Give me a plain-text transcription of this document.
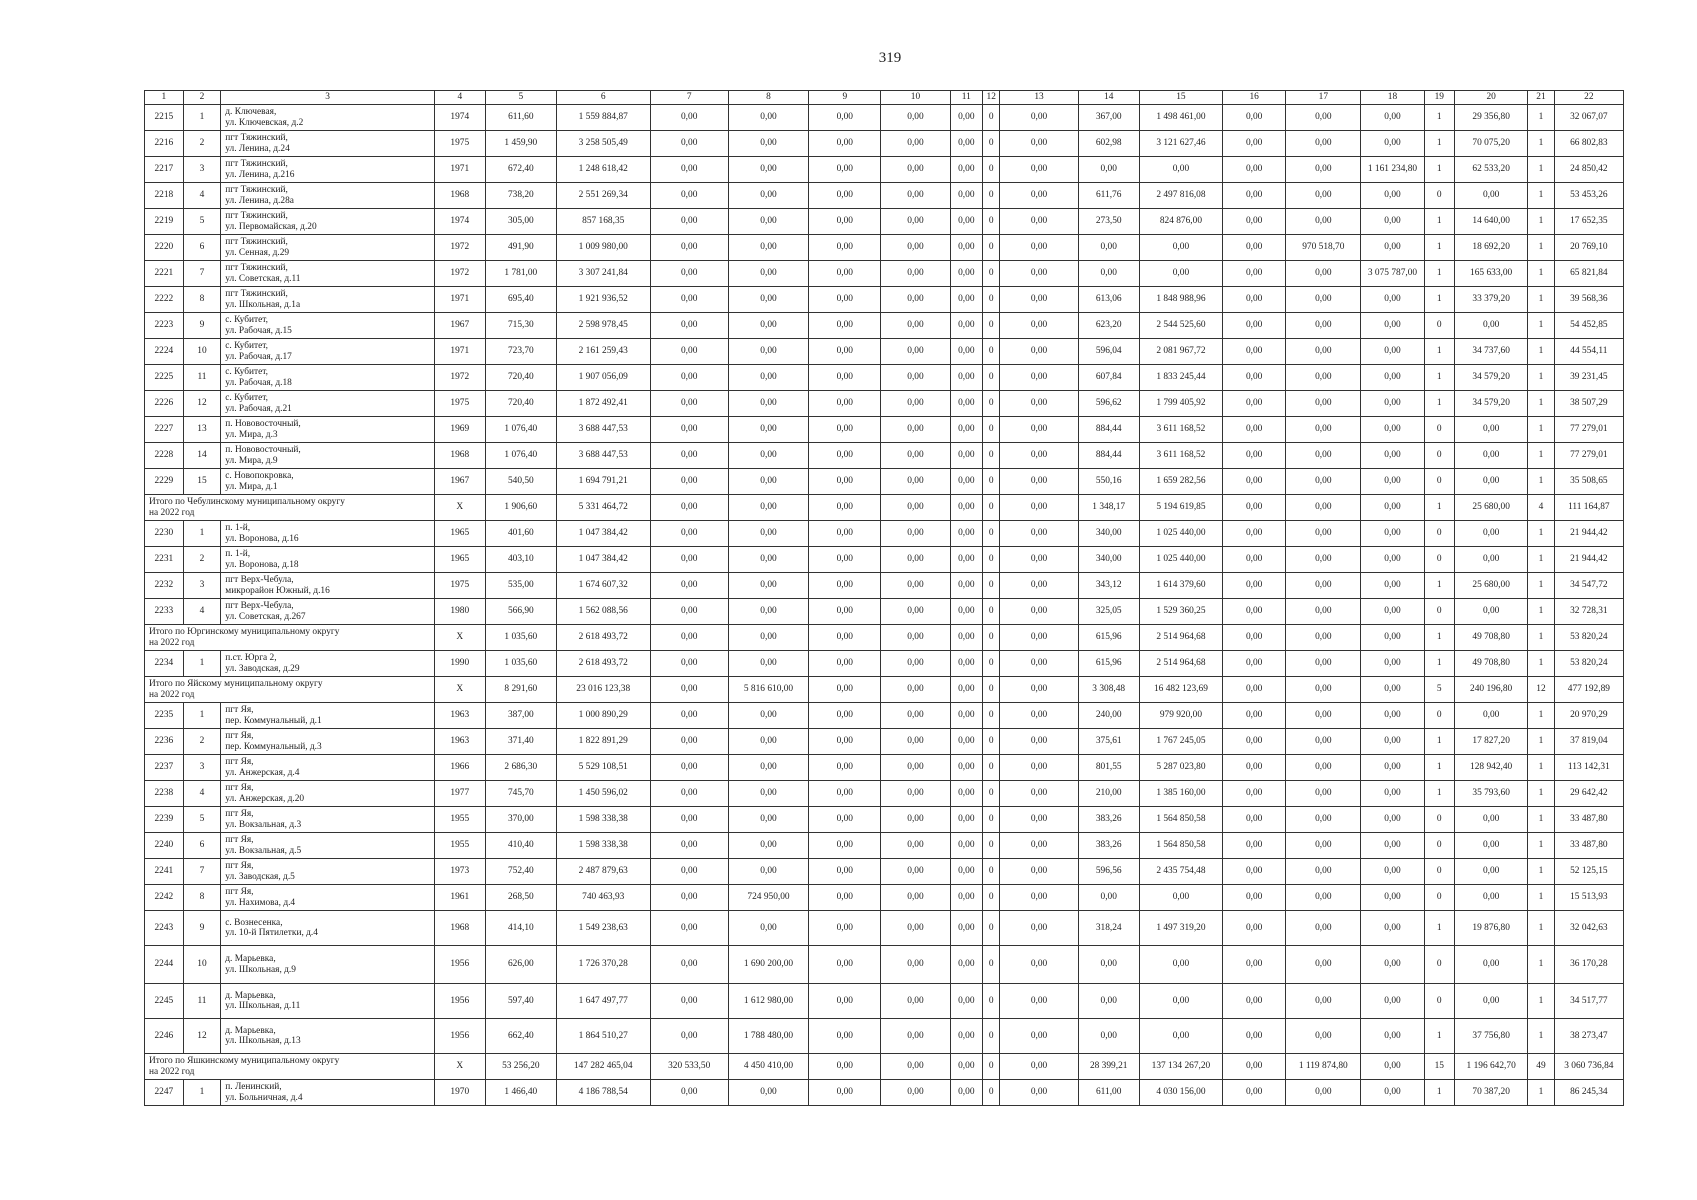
319
1	2	3	4	5	6	7	8	9	10	11	12	13	14	15	16	17	18	19	20	21	22
2215	1	д. Ключевая,
ул. Ключевская, д.2	1974	611,60	1 559 884,87	0,00	0,00	0,00	0,00	0,00	0	0,00	367,00	1 498 461,00	0,00	0,00	0,00	1	29 356,80	1	32 067,07
2216	2	пгт Тяжинский,
ул. Ленина, д.24	1975	1 459,90	3 258 505,49	0,00	0,00	0,00	0,00	0,00	0	0,00	602,98	3 121 627,46	0,00	0,00	0,00	1	70 075,20	1	66 802,83
2217	3	пгт Тяжинский,
ул. Ленина, д.216	1971	672,40	1 248 618,42	0,00	0,00	0,00	0,00	0,00	0	0,00	0,00	0,00	0,00	0,00	1 161 234,80	1	62 533,20	1	24 850,42
2218	4	пгт Тяжинский,
ул. Ленина, д.28а	1968	738,20	2 551 269,34	0,00	0,00	0,00	0,00	0,00	0	0,00	611,76	2 497 816,08	0,00	0,00	0,00	0	0,00	1	53 453,26
2219	5	пгт Тяжинский,
ул. Первомайская, д.20	1974	305,00	857 168,35	0,00	0,00	0,00	0,00	0,00	0	0,00	273,50	824 876,00	0,00	0,00	0,00	1	14 640,00	1	17 652,35
2220	6	пгт Тяжинский,
ул. Сенная, д.29	1972	491,90	1 009 980,00	0,00	0,00	0,00	0,00	0,00	0	0,00	0,00	0,00	0,00	970 518,70	0,00	1	18 692,20	1	20 769,10
2221	7	пгт Тяжинский,
ул. Советская, д.11	1972	1 781,00	3 307 241,84	0,00	0,00	0,00	0,00	0,00	0	0,00	0,00	0,00	0,00	0,00	3 075 787,00	1	165 633,00	1	65 821,84
2222	8	пгт Тяжинский,
ул. Школьная, д.1а	1971	695,40	1 921 936,52	0,00	0,00	0,00	0,00	0,00	0	0,00	613,06	1 848 988,96	0,00	0,00	0,00	1	33 379,20	1	39 568,36
2223	9	с. Кубитет,
ул. Рабочая, д.15	1967	715,30	2 598 978,45	0,00	0,00	0,00	0,00	0,00	0	0,00	623,20	2 544 525,60	0,00	0,00	0,00	0	0,00	1	54 452,85
2224	10	с. Кубитет,
ул. Рабочая, д.17	1971	723,70	2 161 259,43	0,00	0,00	0,00	0,00	0,00	0	0,00	596,04	2 081 967,72	0,00	0,00	0,00	1	34 737,60	1	44 554,11
2225	11	с. Кубитет,
ул. Рабочая, д.18	1972	720,40	1 907 056,09	0,00	0,00	0,00	0,00	0,00	0	0,00	607,84	1 833 245,44	0,00	0,00	0,00	1	34 579,20	1	39 231,45
2226	12	с. Кубитет,
ул. Рабочая, д.21	1975	720,40	1 872 492,41	0,00	0,00	0,00	0,00	0,00	0	0,00	596,62	1 799 405,92	0,00	0,00	0,00	1	34 579,20	1	38 507,29
2227	13	п. Нововосточный,
ул. Мира, д.3	1969	1 076,40	3 688 447,53	0,00	0,00	0,00	0,00	0,00	0	0,00	884,44	3 611 168,52	0,00	0,00	0,00	0	0,00	1	77 279,01
2228	14	п. Нововосточный,
ул. Мира, д.9	1968	1 076,40	3 688 447,53	0,00	0,00	0,00	0,00	0,00	0	0,00	884,44	3 611 168,52	0,00	0,00	0,00	0	0,00	1	77 279,01
2229	15	с. Новопокровка,
ул. Мира, д.1	1967	540,50	1 694 791,21	0,00	0,00	0,00	0,00	0,00	0	0,00	550,16	1 659 282,56	0,00	0,00	0,00	0	0,00	1	35 508,65

Итого по Чебулинскому муниципальному округу
на 2022 год			X	1 906,60	5 331 464,72	0,00	0,00	0,00	0,00	0,00	0	0,00	1 348,17	5 194 619,85	0,00	0,00	0,00	1	25 680,00	4	111 164,87
2230	1	п. 1-й,
ул. Воронова, д.16	1965	401,60	1 047 384,42	0,00	0,00	0,00	0,00	0,00	0	0,00	340,00	1 025 440,00	0,00	0,00	0,00	0	0,00	1	21 944,42
2231	2	п. 1-й,
ул. Воронова, д.18	1965	403,10	1 047 384,42	0,00	0,00	0,00	0,00	0,00	0	0,00	340,00	1 025 440,00	0,00	0,00	0,00	0	0,00	1	21 944,42
2232	3	пгт Верх-Чебула,
микрорайон Южный, д.16	1975	535,00	1 674 607,32	0,00	0,00	0,00	0,00	0,00	0	0,00	343,12	1 614 379,60	0,00	0,00	0,00	1	25 680,00	1	34 547,72
2233	4	пгт Верх-Чебула,
ул. Советская, д.267	1980	566,90	1 562 088,56	0,00	0,00	0,00	0,00	0,00	0	0,00	325,05	1 529 360,25	0,00	0,00	0,00	0	0,00	1	32 728,31

Итого по Юргинскому муниципальному округу
на 2022 год			X	1 035,60	2 618 493,72	0,00	0,00	0,00	0,00	0,00	0	0,00	615,96	2 514 964,68	0,00	0,00	0,00	1	49 708,80	1	53 820,24
2234	1	п.ст. Юрга 2,
ул. Заводская, д.29	1990	1 035,60	2 618 493,72	0,00	0,00	0,00	0,00	0,00	0	0,00	615,96	2 514 964,68	0,00	0,00	0,00	1	49 708,80	1	53 820,24

Итого по Яйскому муниципальному округу
на 2022 год			X	8 291,60	23 016 123,38	0,00	5 816 610,00	0,00	0,00	0,00	0	0,00	3 308,48	16 482 123,69	0,00	0,00	0,00	5	240 196,80	12	477 192,89
2235	1	пгт Яя,
пер. Коммунальный, д.1	1963	387,00	1 000 890,29	0,00	0,00	0,00	0,00	0,00	0	0,00	240,00	979 920,00	0,00	0,00	0,00	0	0,00	1	20 970,29
2236	2	пгт Яя,
пер. Коммунальный, д.3	1963	371,40	1 822 891,29	0,00	0,00	0,00	0,00	0,00	0	0,00	375,61	1 767 245,05	0,00	0,00	0,00	1	17 827,20	1	37 819,04
2237	3	пгт Яя,
ул. Анжерская, д.4	1966	2 686,30	5 529 108,51	0,00	0,00	0,00	0,00	0,00	0	0,00	801,55	5 287 023,80	0,00	0,00	0,00	1	128 942,40	1	113 142,31
2238	4	пгт Яя,
ул. Анжерская, д.20	1977	745,70	1 450 596,02	0,00	0,00	0,00	0,00	0,00	0	0,00	210,00	1 385 160,00	0,00	0,00	0,00	1	35 793,60	1	29 642,42
2239	5	пгт Яя,
ул. Вокзальная, д.3	1955	370,00	1 598 338,38	0,00	0,00	0,00	0,00	0,00	0	0,00	383,26	1 564 850,58	0,00	0,00	0,00	0	0,00	1	33 487,80
2240	6	пгт Яя,
ул. Вокзальная, д.5	1955	410,40	1 598 338,38	0,00	0,00	0,00	0,00	0,00	0	0,00	383,26	1 564 850,58	0,00	0,00	0,00	0	0,00	1	33 487,80
2241	7	пгт Яя,
ул. Заводская, д.5	1973	752,40	2 487 879,63	0,00	0,00	0,00	0,00	0,00	0	0,00	596,56	2 435 754,48	0,00	0,00	0,00	0	0,00	1	52 125,15
2242	8	пгт Яя,
ул. Нахимова, д.4	1961	268,50	740 463,93	0,00	724 950,00	0,00	0,00	0,00	0	0,00	0,00	0,00	0,00	0,00	0,00	0	0,00	1	15 513,93
2243	9	с. Вознесенка,
ул. 10-й Пятилетки, д.4	1968	414,10	1 549 238,63	0,00	0,00	0,00	0,00	0,00	0	0,00	318,24	1 497 319,20	0,00	0,00	0,00	1	19 876,80	1	32 042,63
2244	10	д. Марьевка,
ул. Школьная, д.9	1956	626,00	1 726 370,28	0,00	1 690 200,00	0,00	0,00	0,00	0	0,00	0,00	0,00	0,00	0,00	0,00	0	0,00	1	36 170,28
2245	11	д. Марьевка,
ул. Школьная, д.11	1956	597,40	1 647 497,77	0,00	1 612 980,00	0,00	0,00	0,00	0	0,00	0,00	0,00	0,00	0,00	0,00	0	0,00	1	34 517,77
2246	12	д. Марьевка,
ул. Школьная, д.13	1956	662,40	1 864 510,27	0,00	1 788 480,00	0,00	0,00	0,00	0	0,00	0,00	0,00	0,00	0,00	0,00	1	37 756,80	1	38 273,47

Итого по Яшкинскому муниципальному округу
на 2022 год			X	53 256,20	147 282 465,04	320 533,50	4 450 410,00	0,00	0,00	0,00	0	0,00	28 399,21	137 134 267,20	0,00	1 119 874,80	0,00	15	1 196 642,70	49	3 060 736,84
2247	1	п. Ленинский,
ул. Больничная, д.4	1970	1 466,40	4 186 788,54	0,00	0,00	0,00	0,00	0,00	0	0,00	611,00	4 030 156,00	0,00	0,00	0,00	1	70 387,20	1	86 245,34
